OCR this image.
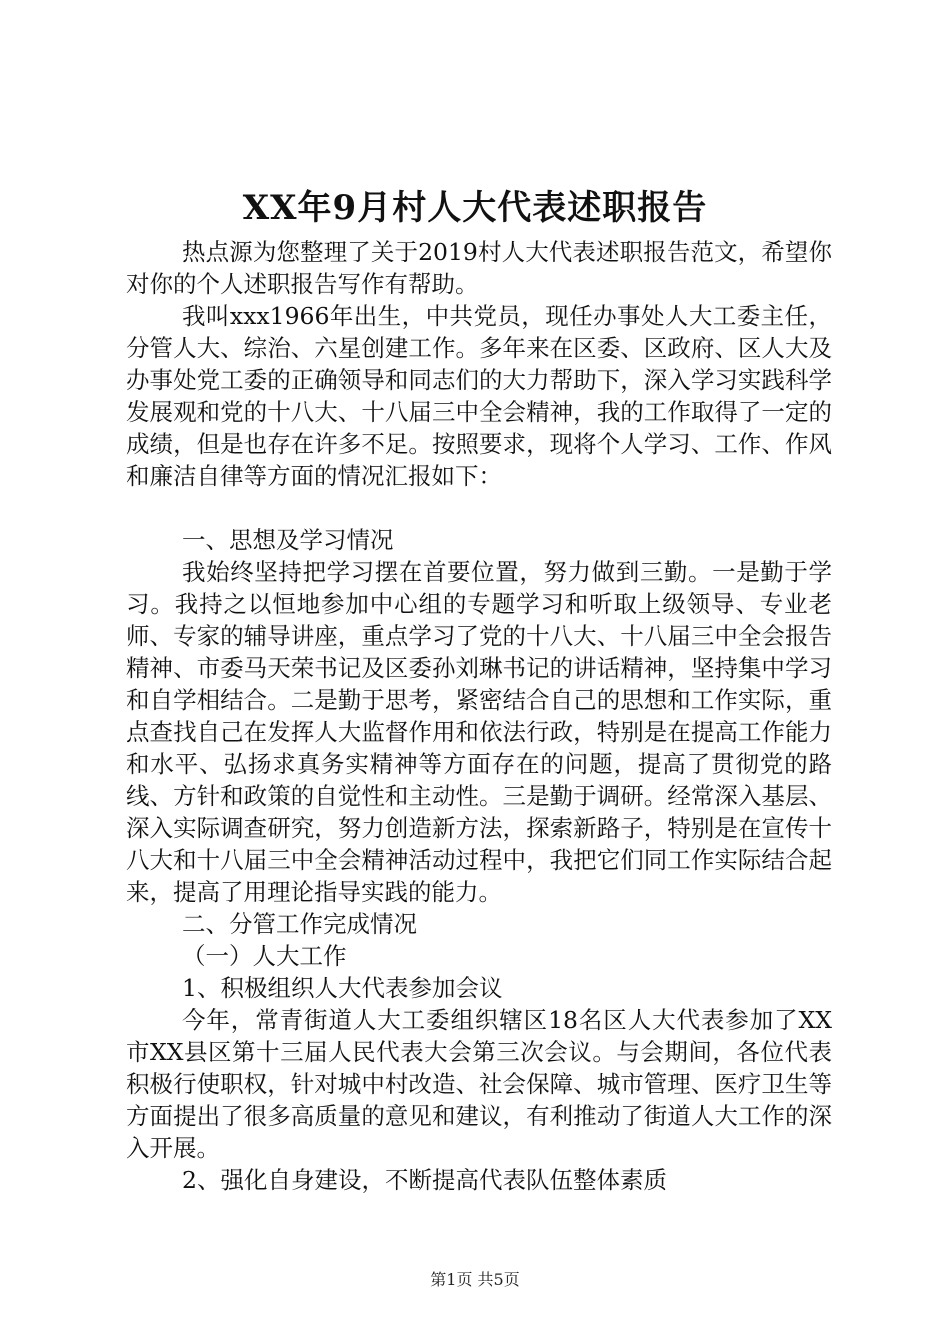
XX年9月村人大代表述职报告

热点源为您整理了关于2019村人大代表述职报告范文，希望你对你的个人述职报告写作有帮助。

我叫xxx1966年出生，中共党员，现任办事处人大工委主任，分管人大、综治、六星创建工作。多年来在区委、区政府、区人大及办事处党工委的正确领导和同志们的大力帮助下，深入学习实践科学发展观和党的十八大、十八届三中全会精神，我的工作取得了一定的成绩，但是也存在许多不足。按照要求，现将个人学习、工作、作风和廉洁自律等方面的情况汇报如下：

一、思想及学习情况

我始终坚持把学习摆在首要位置，努力做到三勤。一是勤于学习。我持之以恒地参加中心组的专题学习和听取上级领导、专业老师、专家的辅导讲座，重点学习了党的十八大、十八届三中全会报告精神、市委马天荣书记及区委孙刘琳书记的讲话精神，坚持集中学习和自学相结合。二是勤于思考，紧密结合自己的思想和工作实际，重点查找自己在发挥人大监督作用和依法行政，特别是在提高工作能力和水平、弘扬求真务实精神等方面存在的问题，提高了贯彻党的路线、方针和政策的自觉性和主动性。三是勤于调研。经常深入基层、深入实际调查研究，努力创造新方法，探索新路子，特别是在宣传十八大和十八届三中全会精神活动过程中，我把它们同工作实际结合起来，提高了用理论指导实践的能力。

二、分管工作完成情况

（一）人大工作

1、积极组织人大代表参加会议

今年，常青街道人大工委组织辖区18名区人大代表参加了XX市XX县区第十三届人民代表大会第三次会议。与会期间，各位代表积极行使职权，针对城中村改造、社会保障、城市管理、医疗卫生等方面提出了很多高质量的意见和建议，有利推动了街道人大工作的深入开展。

2、强化自身建设，不断提高代表队伍整体素质

第1页 共5页
